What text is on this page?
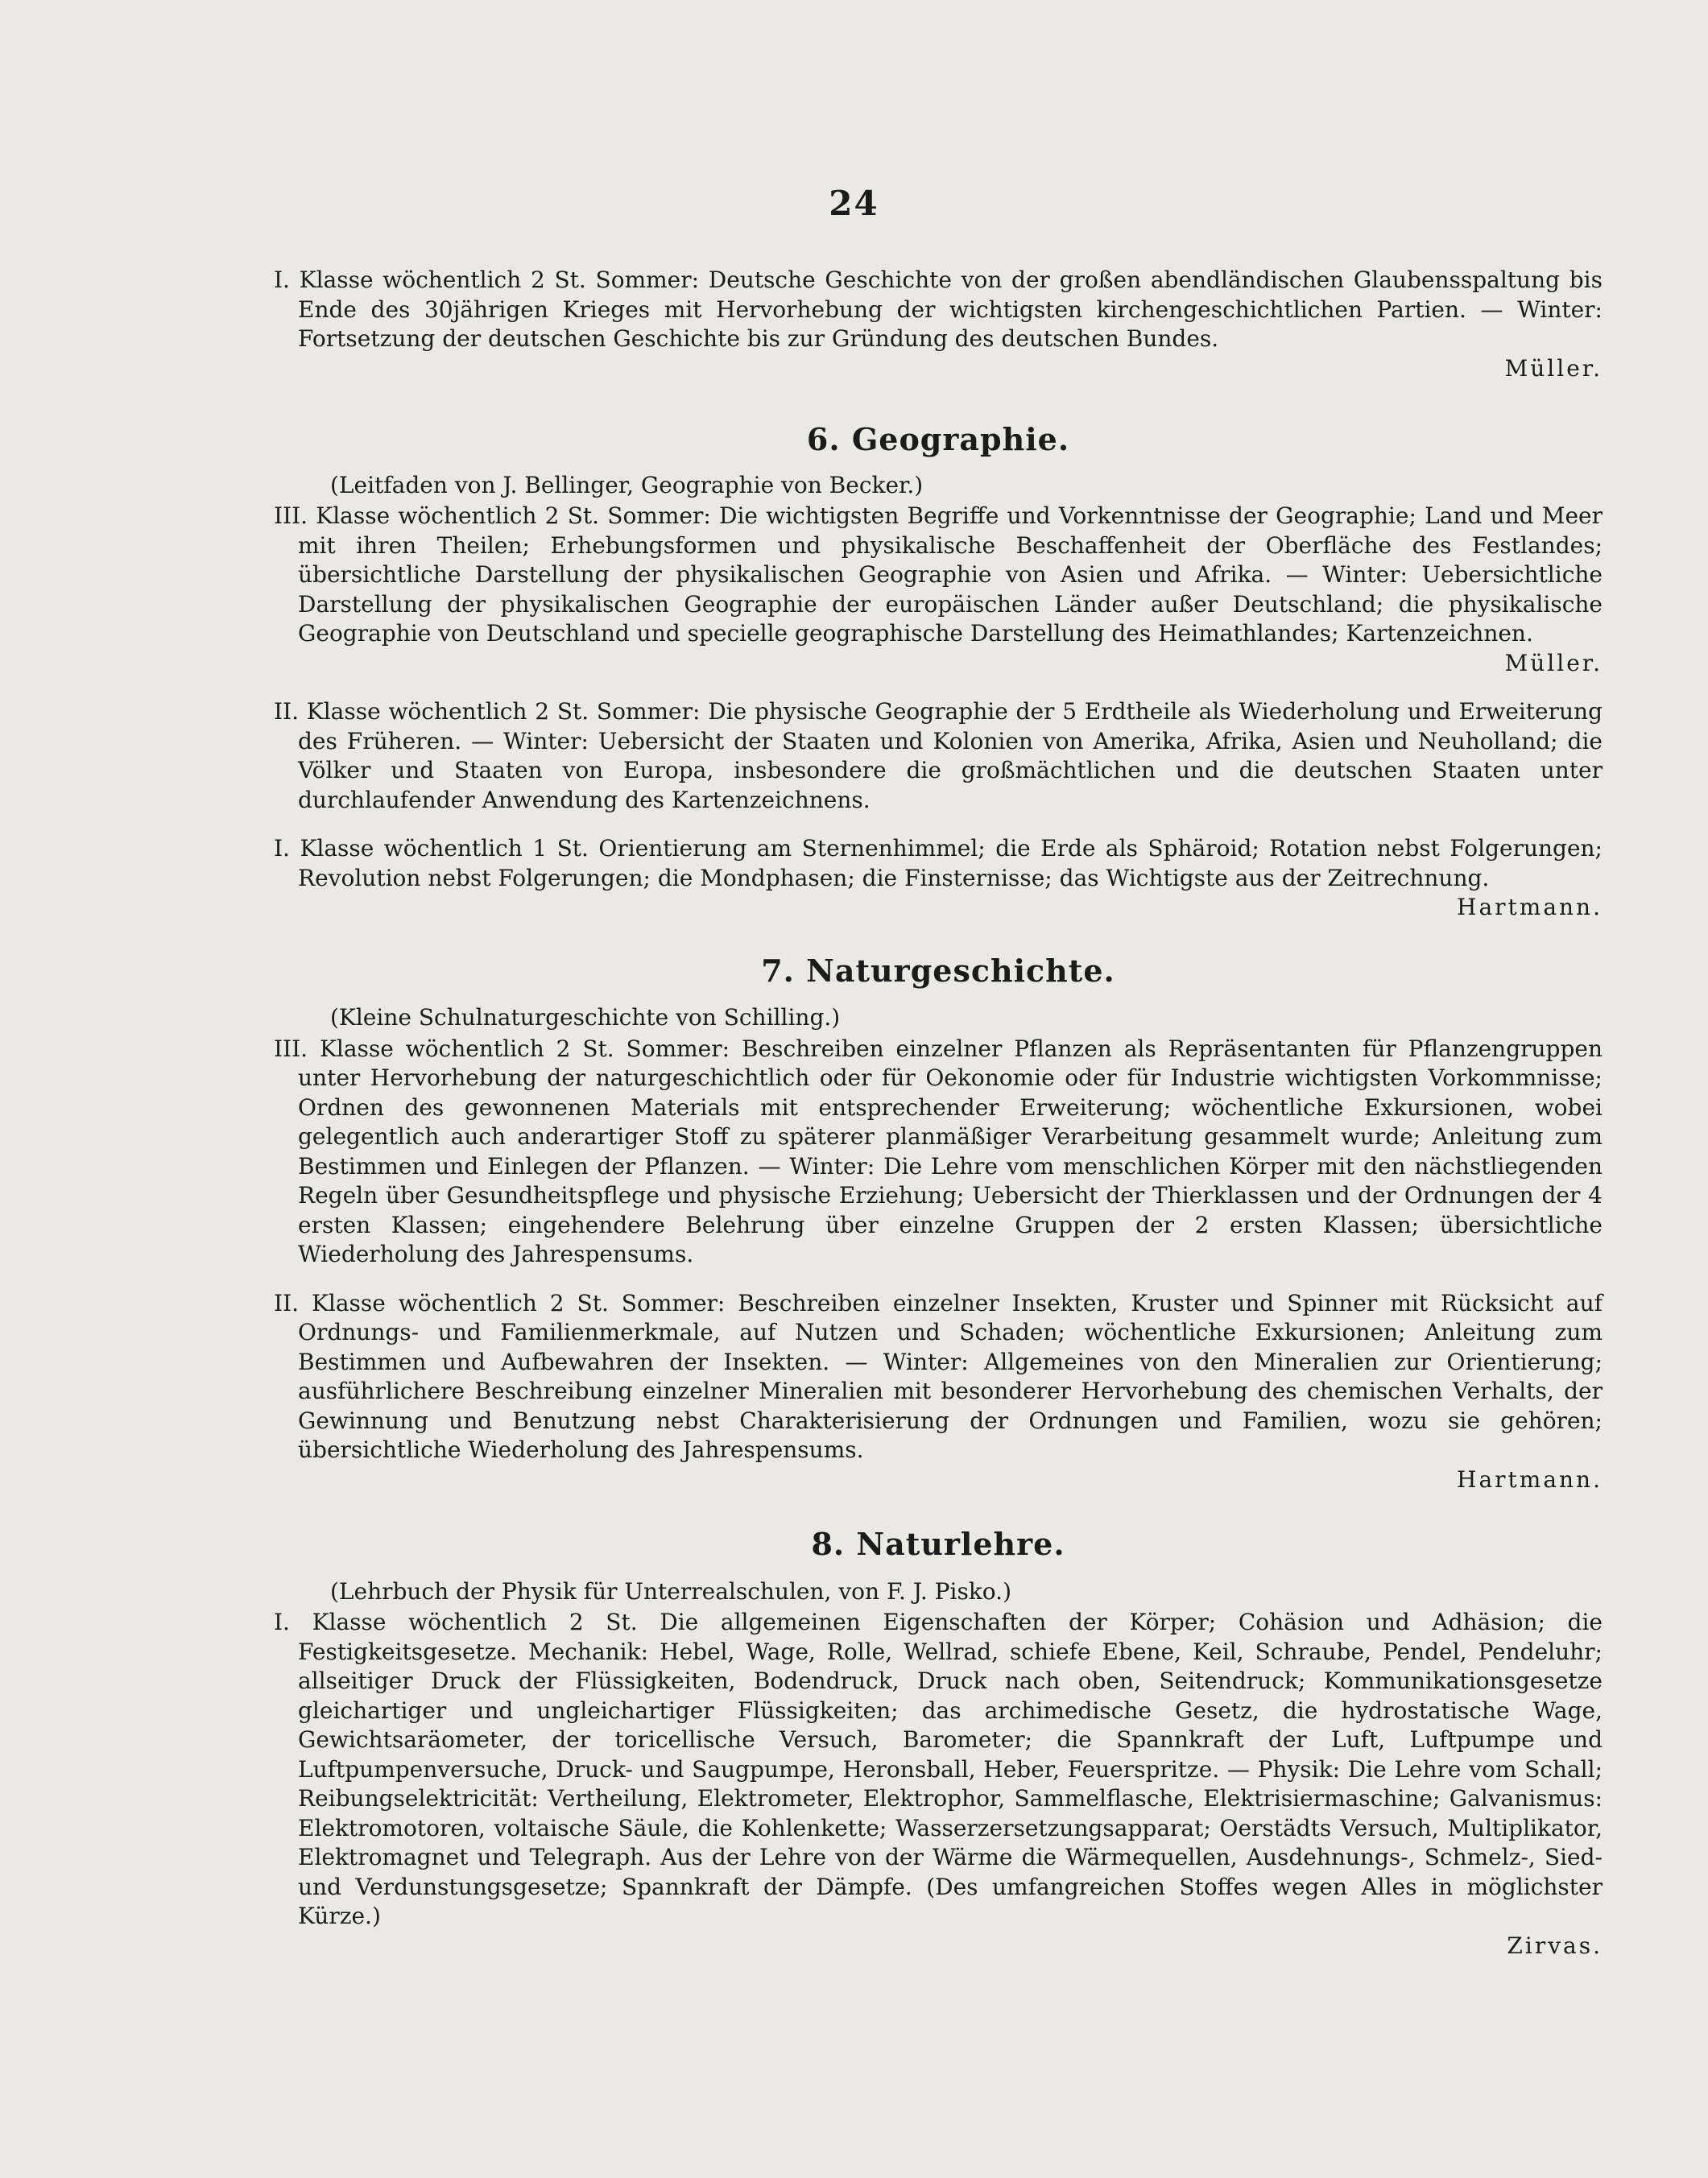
24

I. Klasse wöchentlich 2 St. Sommer: Deutsche Geschichte von der großen abendländischen Glaubensspaltung bis Ende des 30jährigen Krieges mit Hervorhebung der wichtigsten kirchengeschichtlichen Partien. — Winter: Fortsetzung der deutschen Geschichte bis zur Gründung des deutschen Bundes.

Müller.
6. Geographie.

(Leitfaden von J. Bellinger, Geographie von Becker.)

III. Klasse wöchentlich 2 St. Sommer: Die wichtigsten Begriffe und Vorkenntnisse der Geographie; Land und Meer mit ihren Theilen; Erhebungsformen und physikalische Beschaffenheit der Oberfläche des Festlandes; übersichtliche Darstellung der physikalischen Geographie von Asien und Afrika. — Winter: Uebersichtliche Darstellung der physikalischen Geographie der europäischen Länder außer Deutschland; die physikalische Geographie von Deutschland und specielle geographische Darstellung des Heimathlandes; Kartenzeichnen.

Müller.

II. Klasse wöchentlich 2 St. Sommer: Die physische Geographie der 5 Erdtheile als Wiederholung und Erweiterung des Früheren. — Winter: Uebersicht der Staaten und Kolonien von Amerika, Afrika, Asien und Neuholland; die Völker und Staaten von Europa, insbesondere die großmächtlichen und die deutschen Staaten unter durchlaufender Anwendung des Kartenzeichnens.

I. Klasse wöchentlich 1 St. Orientierung am Sternenhimmel; die Erde als Sphäroid; Rotation nebst Folgerungen; Revolution nebst Folgerungen; die Mondphasen; die Finsternisse; das Wichtigste aus der Zeitrechnung.

Hartmann.
7. Naturgeschichte.

(Kleine Schulnaturgeschichte von Schilling.)

III. Klasse wöchentlich 2 St. Sommer: Beschreiben einzelner Pflanzen als Repräsentanten für Pflanzengruppen unter Hervorhebung der naturgeschichtlich oder für Oekonomie oder für Industrie wichtigsten Vorkommnisse; Ordnen des gewonnenen Materials mit entsprechender Erweiterung; wöchentliche Exkursionen, wobei gelegentlich auch anderartiger Stoff zu späterer planmäßiger Verarbeitung gesammelt wurde; Anleitung zum Bestimmen und Einlegen der Pflanzen. — Winter: Die Lehre vom menschlichen Körper mit den nächstliegenden Regeln über Gesundheitspflege und physische Erziehung; Uebersicht der Thierklassen und der Ordnungen der 4 ersten Klassen; eingehendere Belehrung über einzelne Gruppen der 2 ersten Klassen; übersichtliche Wiederholung des Jahrespensums.

II. Klasse wöchentlich 2 St. Sommer: Beschreiben einzelner Insekten, Kruster und Spinner mit Rücksicht auf Ordnungs- und Familienmerkmale, auf Nutzen und Schaden; wöchentliche Exkursionen; Anleitung zum Bestimmen und Aufbewahren der Insekten. — Winter: Allgemeines von den Mineralien zur Orientierung; ausführlichere Beschreibung einzelner Mineralien mit besonderer Hervorhebung des chemischen Verhalts, der Gewinnung und Benutzung nebst Charakterisierung der Ordnungen und Familien, wozu sie gehören; übersichtliche Wiederholung des Jahrespensums.

Hartmann.
8. Naturlehre.

(Lehrbuch der Physik für Unterrealschulen, von F. J. Pisko.)

I. Klasse wöchentlich 2 St. Die allgemeinen Eigenschaften der Körper; Cohäsion und Adhäsion; die Festigkeitsgesetze. Mechanik: Hebel, Wage, Rolle, Wellrad, schiefe Ebene, Keil, Schraube, Pendel, Pendeluhr; allseitiger Druck der Flüssigkeiten, Bodendruck, Druck nach oben, Seitendruck; Kommunikationsgesetze gleichartiger und ungleichartiger Flüssigkeiten; das archimedische Gesetz, die hydrostatische Wage, Gewichtsaräometer, der toricellische Versuch, Barometer; die Spannkraft der Luft, Luftpumpe und Luftpumpenversuche, Druck- und Saugpumpe, Heronsball, Heber, Feuerspritze. — Physik: Die Lehre vom Schall; Reibungselektricität: Vertheilung, Elektrometer, Elektrophor, Sammelflasche, Elektrisiermaschine; Galvanismus: Elektromotoren, voltaische Säule, die Kohlenkette; Wasserzersetzungsapparat; Oerstädts Versuch, Multiplikator, Elektromagnet und Telegraph. Aus der Lehre von der Wärme die Wärmequellen, Ausdehnungs-, Schmelz-, Sied- und Verdunstungsgesetze; Spannkraft der Dämpfe. (Des umfangreichen Stoffes wegen Alles in möglichster Kürze.)

Zirvas.
